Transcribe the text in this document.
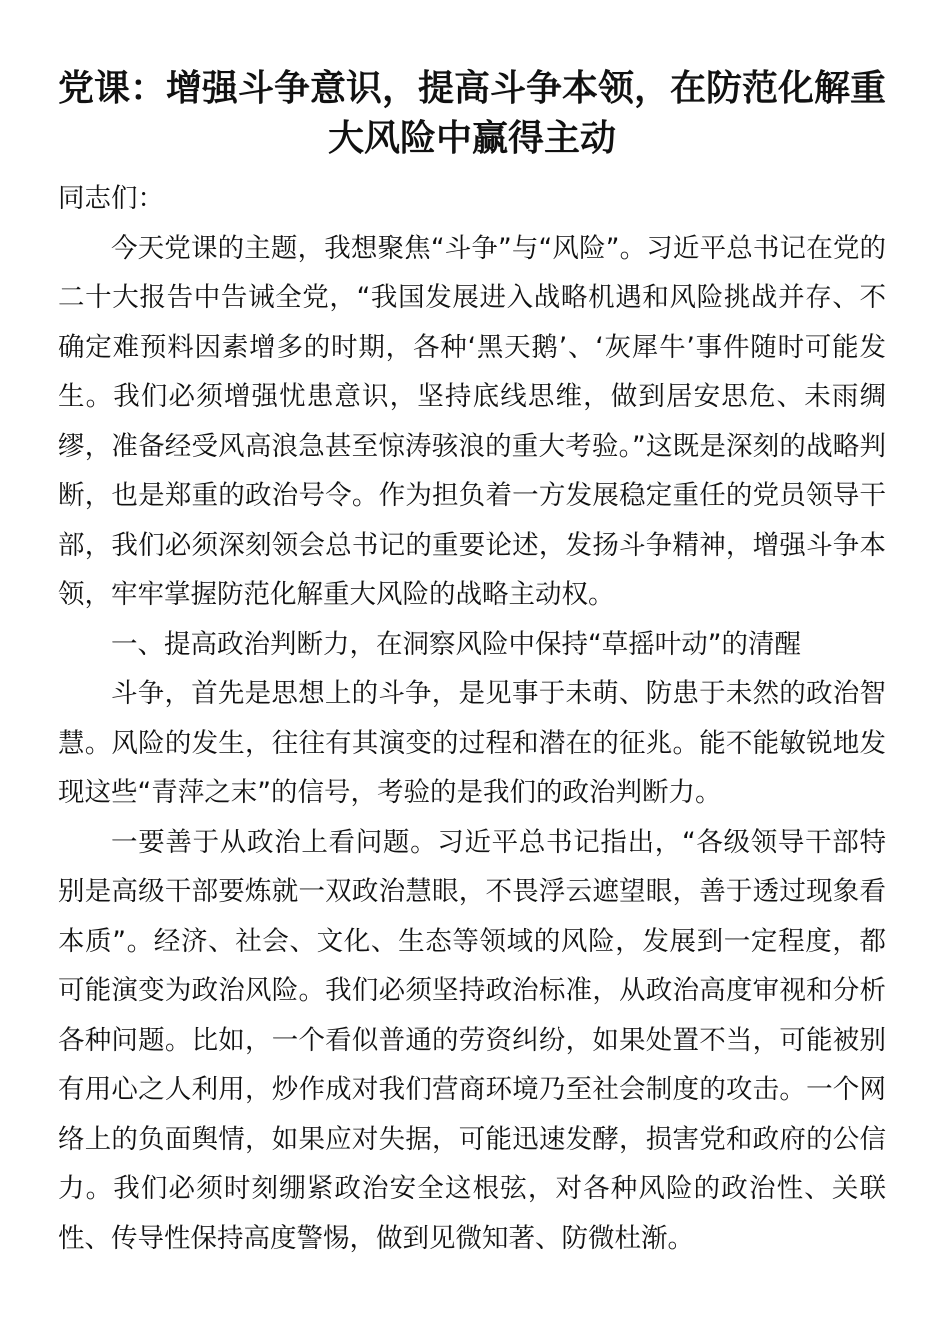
党课：增强斗争意识，提高斗争本领，在防范化解重
大风险中赢得主动

同志们：

今天党课的主题，我想聚焦“斗争”与“风险”。习近平总书记在党的二十大报告中告诫全党，“我国发展进入战略机遇和风险挑战并存、不确定难预料因素增多的时期，各种‘黑天鹅’、‘灰犀牛’事件随时可能发生。我们必须增强忧患意识，坚持底线思维，做到居安思危、未雨绸缪，准备经受风高浪急甚至惊涛骇浪的重大考验。”这既是深刻的战略判断，也是郑重的政治号令。作为担负着一方发展稳定重任的党员领导干部，我们必须深刻领会总书记的重要论述，发扬斗争精神，增强斗争本领，牢牢掌握防范化解重大风险的战略主动权。

一、提高政治判断力，在洞察风险中保持“草摇叶动”的清醒

斗争，首先是思想上的斗争，是见事于未萌、防患于未然的政治智慧。风险的发生，往往有其演变的过程和潜在的征兆。能不能敏锐地发现这些“青萍之末”的信号，考验的是我们的政治判断力。

一要善于从政治上看问题。习近平总书记指出，“各级领导干部特别是高级干部要炼就一双政治慧眼，不畏浮云遮望眼，善于透过现象看本质”。经济、社会、文化、生态等领域的风险，发展到一定程度，都可能演变为政治风险。我们必须坚持政治标准，从政治高度审视和分析各种问题。比如，一个看似普通的劳资纠纷，如果处置不当，可能被别有用心之人利用，炒作成对我们营商环境乃至社会制度的攻击。一个网络上的负面舆情，如果应对失据，可能迅速发酵，损害党和政府的公信力。我们必须时刻绷紧政治安全这根弦，对各种风险的政治性、关联性、传导性保持高度警惕，做到见微知著、防微杜渐。
